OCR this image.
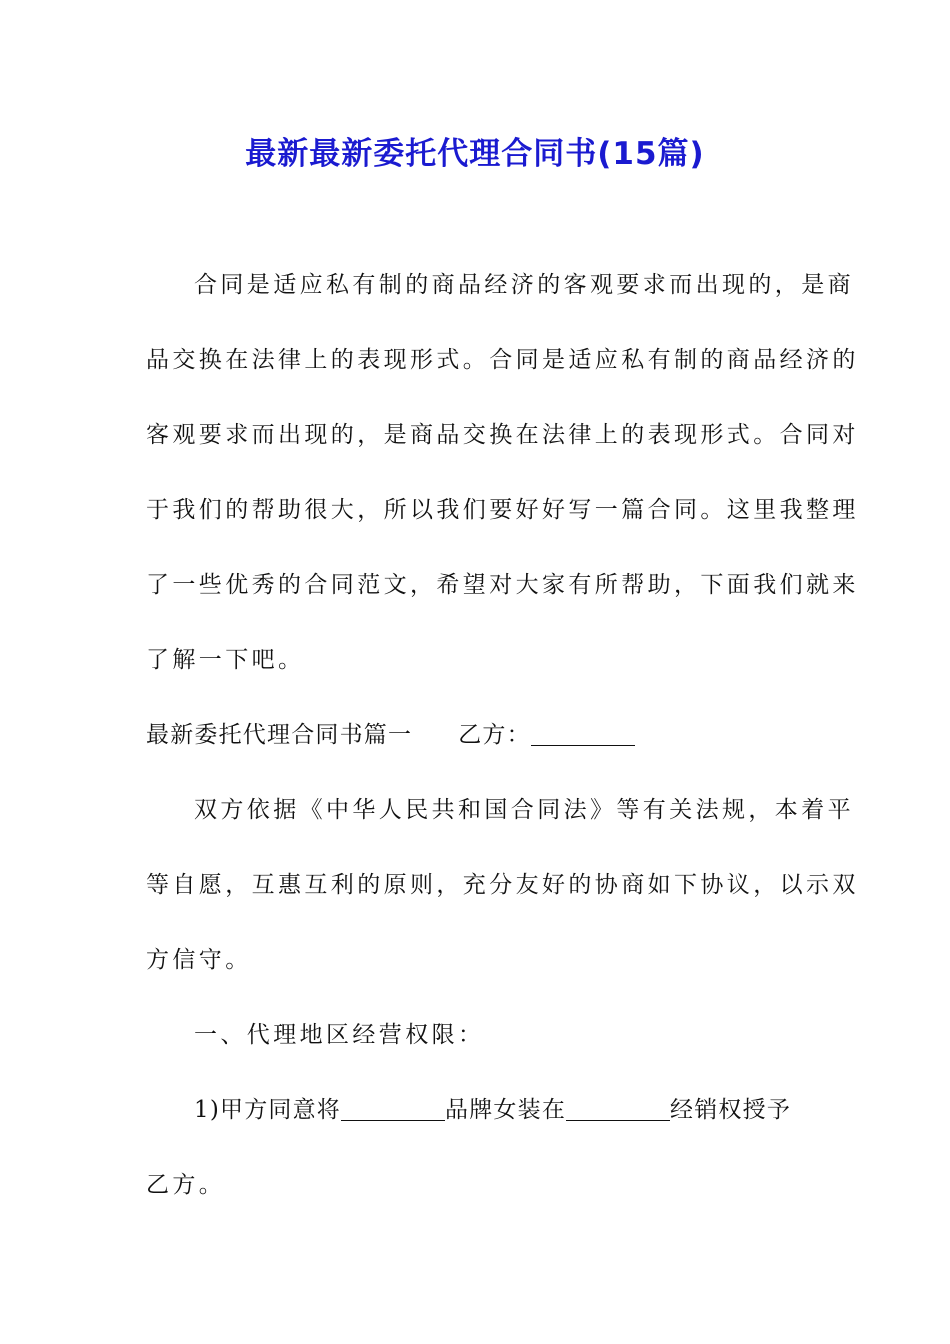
最新最新委托代理合同书(15篇)
合同是适应私有制的商品经济的客观要求而出现的，是商
品交换在法律上的表现形式。合同是适应私有制的商品经济的
客观要求而出现的，是商品交换在法律上的表现形式。合同对
于我们的帮助很大，所以我们要好好写一篇合同。这里我整理
了一些优秀的合同范文，希望对大家有所帮助，下面我们就来
了解一下吧。
最新委托代理合同书篇一 乙方：
双方依据《中华人民共和国合同法》等有关法规，本着平
等自愿，互惠互利的原则，充分友好的协商如下协议，以示双
方信守。
一、代理地区经营权限：
1)甲方同意将	品牌女装在	经销权授予
乙方。
